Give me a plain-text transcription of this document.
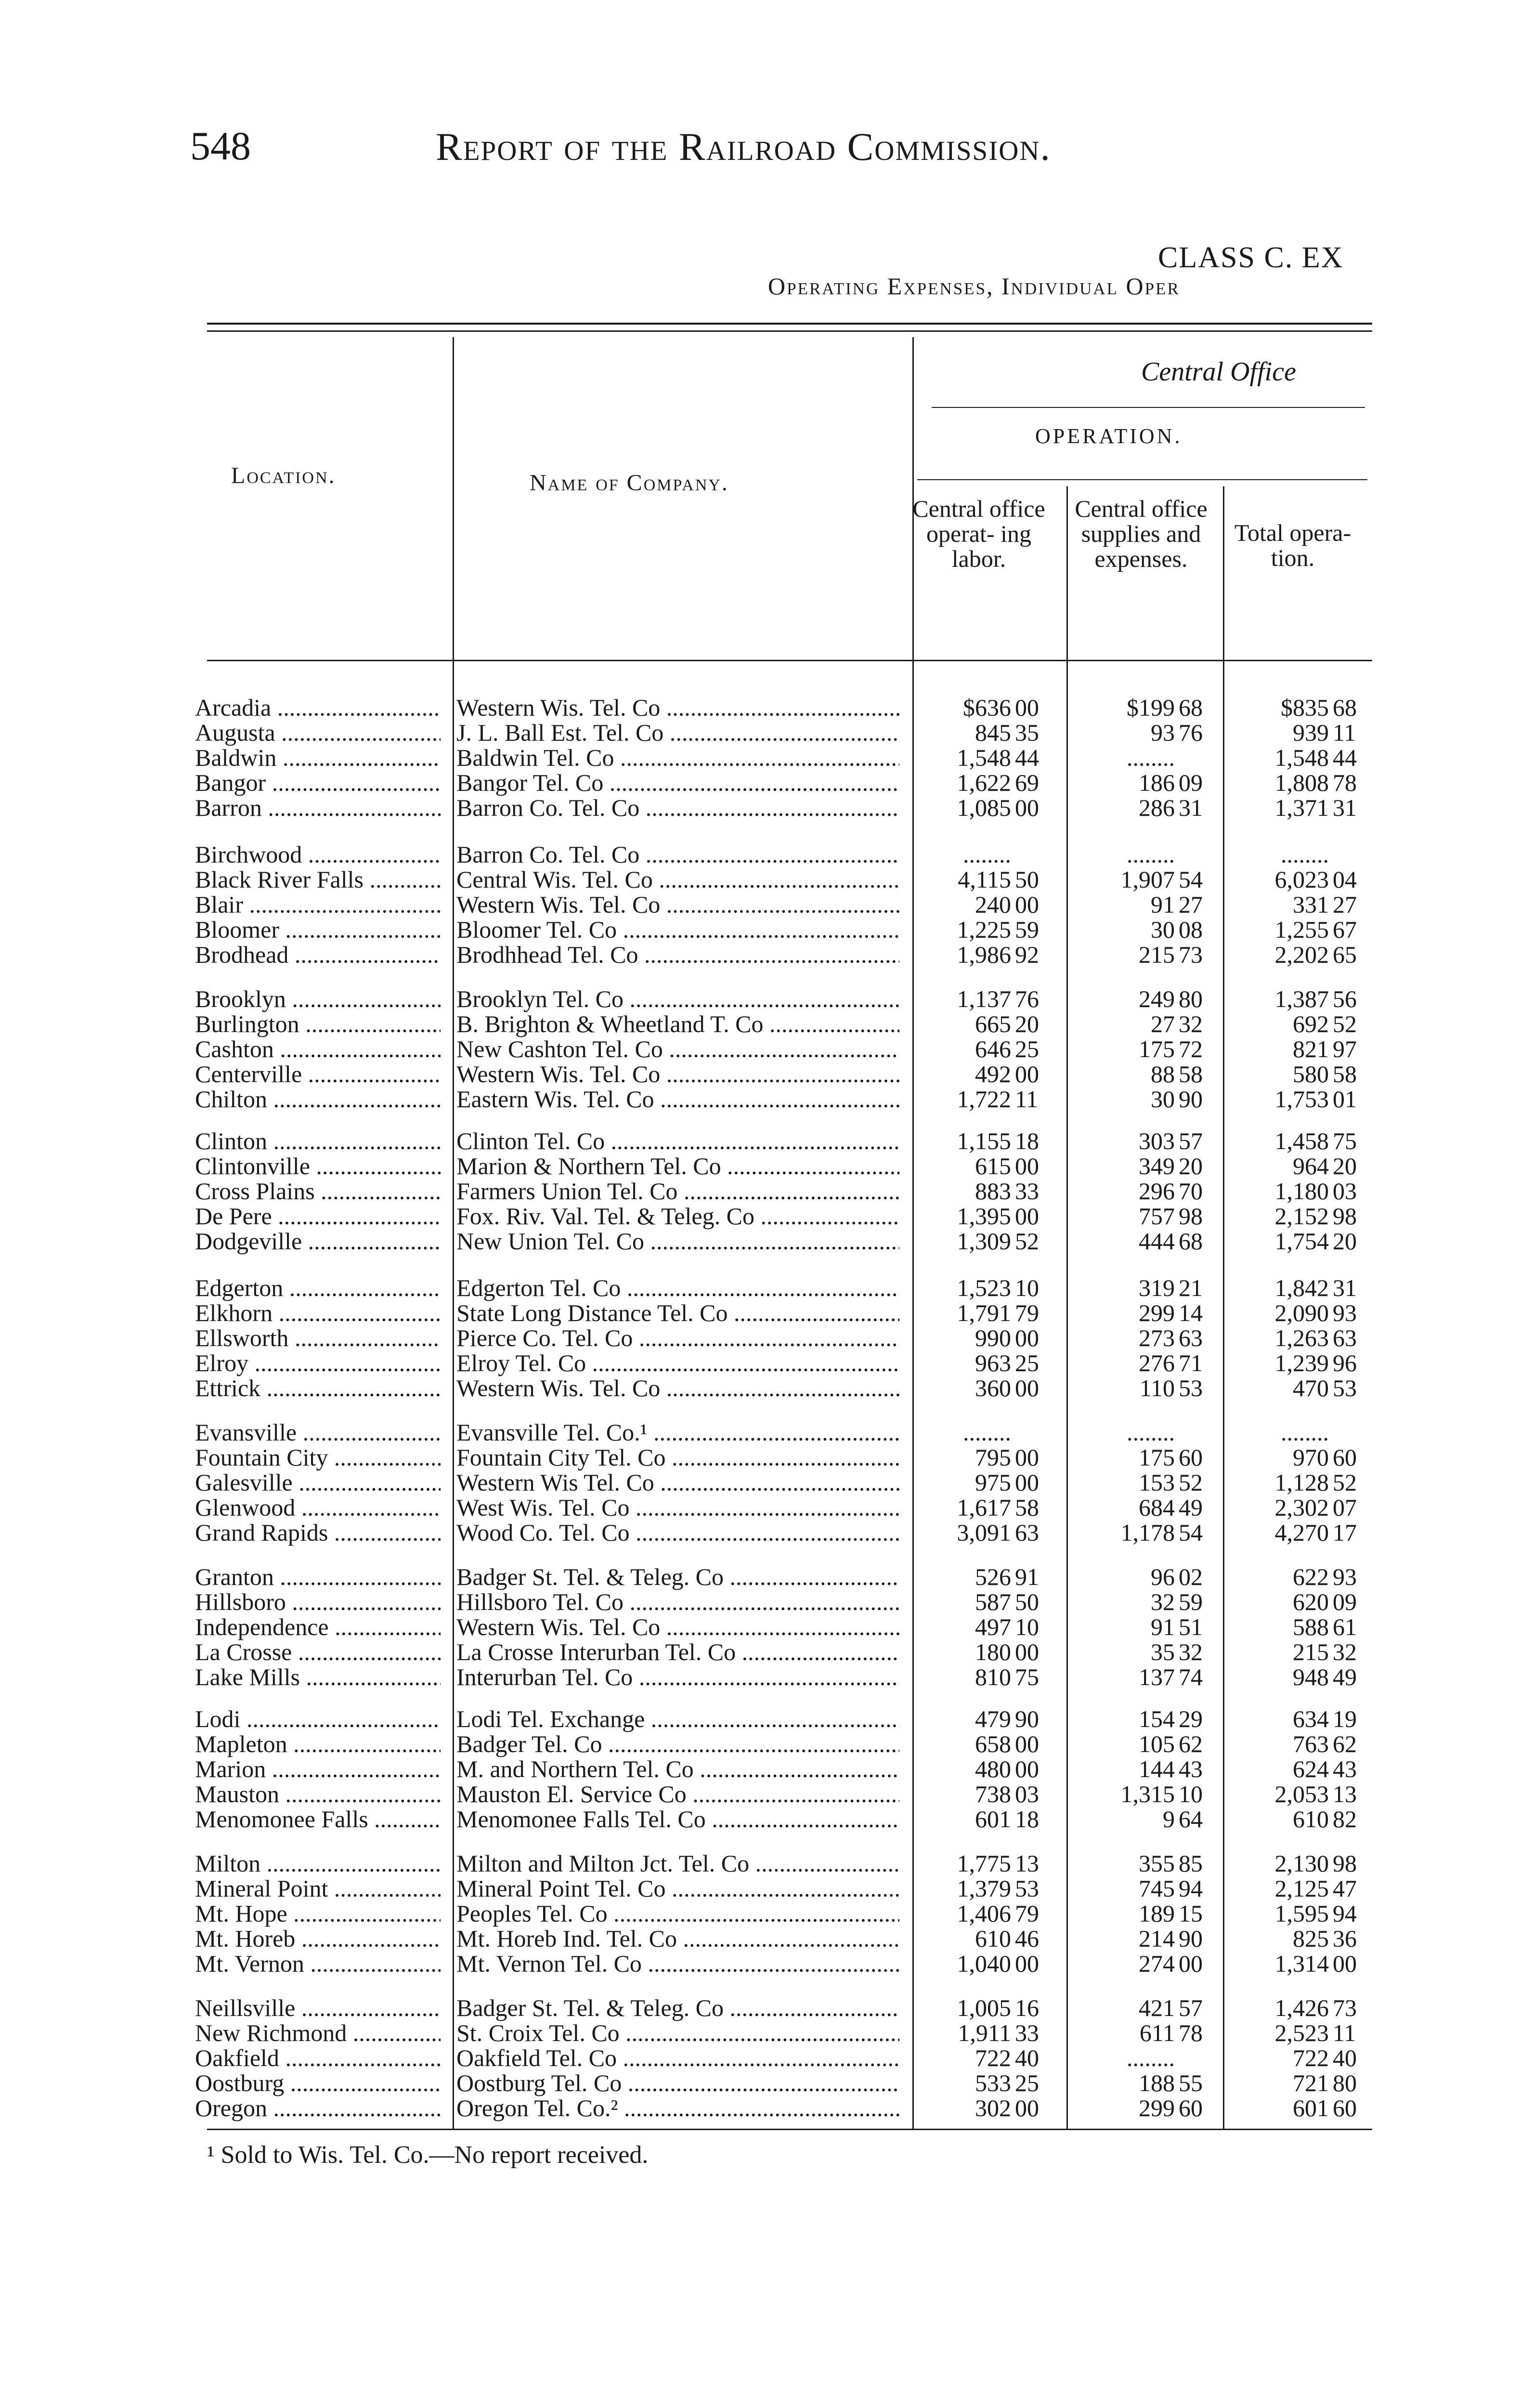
548	Report of the Railroad Commission.
CLASS C. EX
Operating Expenses, Individual Oper
Central Office
OPERATION.
Location.	Name of Company.
Central office operat- ing labor.
Central office supplies and expenses.
Total opera- tion.
Arcadia .....	Western Wis. Tel. Co .....	$636 00	$199 68	$835 68
Augusta .....	J. L. Ball Est. Tel. Co .....	845 35	93 76	939 11
Baldwin .....	Baldwin Tel. Co .....	1,548 44	........	1,548 44
Bangor .....	Bangor Tel. Co .....	1,622 69	186 09	1,808 78
Barron .....	Barron Co. Tel. Co .....	1,085 00	286 31	1,371 31
Birchwood .....	Barron Co. Tel. Co .....	........	........	........
Black River Falls .....	Central Wis. Tel. Co .....	4,115 50	1,907 54	6,023 04
Blair .....	Western Wis. Tel. Co .....	240 00	91 27	331 27
Bloomer .....	Bloomer Tel. Co .....	1,225 59	30 08	1,255 67
Brodhead .....	Brodhhead Tel. Co .....	1,986 92	215 73	2,202 65
Brooklyn .....	Brooklyn Tel. Co .....	1,137 76	249 80	1,387 56
Burlington .....	B. Brighton & Wheetland T. Co .....	665 20	27 32	692 52
Cashton .....	New Cashton Tel. Co .....	646 25	175 72	821 97
Centerville .....	Western Wis. Tel. Co .....	492 00	88 58	580 58
Chilton .....	Eastern Wis. Tel. Co .....	1,722 11	30 90	1,753 01
Clinton .....	Clinton Tel. Co .....	1,155 18	303 57	1,458 75
Clintonville .....	Marion & Northern Tel. Co .....	615 00	349 20	964 20
Cross Plains .....	Farmers Union Tel. Co .....	883 33	296 70	1,180 03
De Pere .....	Fox. Riv. Val. Tel. & Teleg. Co .....	1,395 00	757 98	2,152 98
Dodgeville .....	New Union Tel. Co .....	1,309 52	444 68	1,754 20
Edgerton .....	Edgerton Tel. Co .....	1,523 10	319 21	1,842 31
Elkhorn .....	State Long Distance Tel. Co .....	1,791 79	299 14	2,090 93
Ellsworth .....	Pierce Co. Tel. Co .....	990 00	273 63	1,263 63
Elroy .....	Elroy Tel. Co .....	963 25	276 71	1,239 96
Ettrick .....	Western Wis. Tel. Co .....	360 00	110 53	470 53
Evansville .....	Evansville Tel. Co.¹ .....	........	........	........
Fountain City .....	Fountain City Tel. Co .....	795 00	175 60	970 60
Galesville .....	Western Wis Tel. Co .....	975 00	153 52	1,128 52
Glenwood .....	West Wis. Tel. Co .....	1,617 58	684 49	2,302 07
Grand Rapids .....	Wood Co. Tel. Co .....	3,091 63	1,178 54	4,270 17
Granton .....	Badger St. Tel. & Teleg. Co .....	526 91	96 02	622 93
Hillsboro .....	Hillsboro Tel. Co .....	587 50	32 59	620 09
Independence .....	Western Wis. Tel. Co .....	497 10	91 51	588 61
La Crosse .....	La Crosse Interurban Tel. Co .....	180 00	35 32	215 32
Lake Mills .....	Interurban Tel. Co .....	810 75	137 74	948 49
Lodi .....	Lodi Tel. Exchange .....	479 90	154 29	634 19
Mapleton .....	Badger Tel. Co .....	658 00	105 62	763 62
Marion .....	M. and Northern Tel. Co .....	480 00	144 43	624 43
Mauston .....	Mauston El. Service Co .....	738 03	1,315 10	2,053 13
Menomonee Falls .....	Menomonee Falls Tel. Co .....	601 18	9 64	610 82
Milton .....	Milton and Milton Jct. Tel. Co .....	1,775 13	355 85	2,130 98
Mineral Point .....	Mineral Point Tel. Co .....	1,379 53	745 94	2,125 47
Mt. Hope .....	Peoples Tel. Co .....	1,406 79	189 15	1,595 94
Mt. Horeb .....	Mt. Horeb Ind. Tel. Co .....	610 46	214 90	825 36
Mt. Vernon .....	Mt. Vernon Tel. Co .....	1,040 00	274 00	1,314 00
Neillsville .....	Badger St. Tel. & Teleg. Co .....	1,005 16	421 57	1,426 73
New Richmond .....	St. Croix Tel. Co .....	1,911 33	611 78	2,523 11
Oakfield .....	Oakfield Tel. Co .....	722 40	........	722 40
Oostburg .....	Oostburg Tel. Co .....	533 25	188 55	721 80
Oregon .....	Oregon Tel. Co.² .....	302 00	299 60	601 60
¹ Sold to Wis. Tel. Co.—No report received.
